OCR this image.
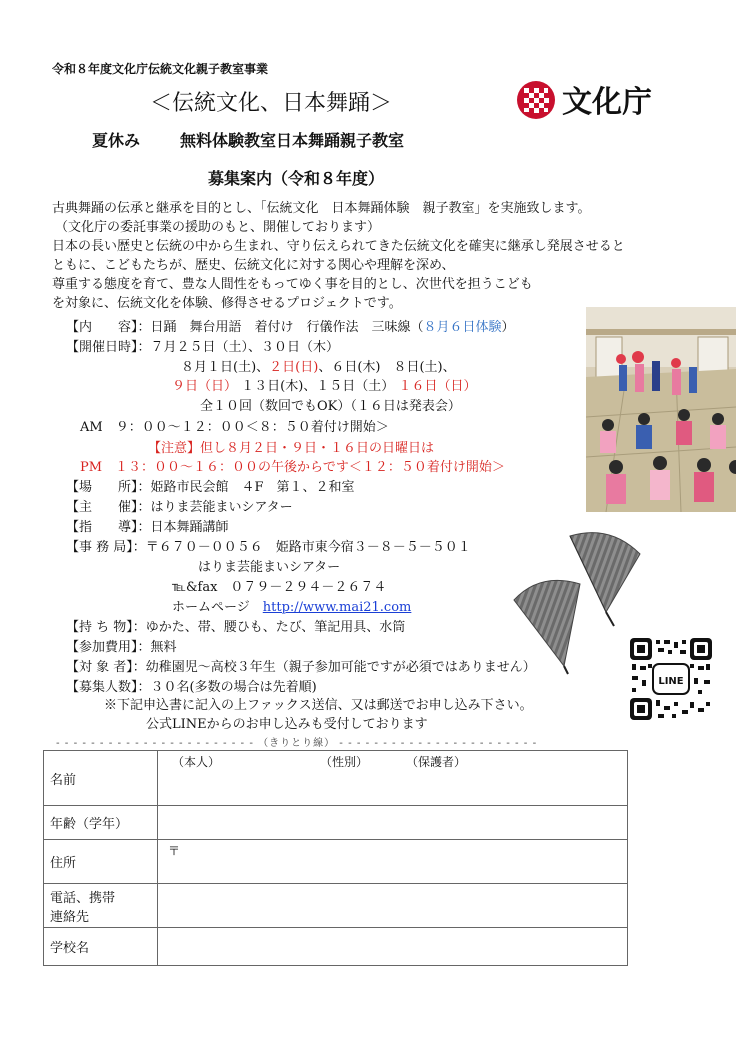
令和８年度文化庁伝統文化親子教室事業
＜伝統文化、日本舞踊＞
夏休み	無料体験教室日本舞踊親子教室
募集案内（令和８年度）
文化庁
古典舞踊の伝承と継承を目的とし、「伝統文化　日本舞踊体験　親子教室」を実施致します。
（文化庁の委託事業の援助のもと、開催しております）
日本の長い歴史と伝統の中から生まれ、守り伝えられてきた伝統文化を確実に継承し発展させると
ともに、こどもたちが、歴史、伝統文化に対する関心や理解を深め、
尊重する態度を育て、豊な人間性をもってゆく事を目的とし、次世代を担うこども
を対象に、伝統文化を体験、修得させるプロジェクトです。
【内　　容】：日踊　舞台用語　着付け　行儀作法　三味線（８月６日体験）
【開催日時】：７月２５日（土）、３０日（木）
８月１日(土)、２日(日)、６日(木)　８日(土)、
９日（日） １３日(木)、１５日（土） １６日（日）
全１０回（数回でもOK）（１６日は発表会）
AM　９：００～１２：００＜８：５０着付け開始＞
【注意】但し８月２日・９日・１６日の日曜日は
PM　１３：００～１６：００の午後からです＜１２：５０着付け開始＞
【場　　所】：姫路市民会館　４F　第１、２和室
【主　　催】：はりま芸能まいシアター
【指　　導】：日本舞踊講師
【事 務 局】：〒６７０－００５６　姫路市東今宿３－８－５－５０１
はりま芸能まいシアター
℡&fax　０７９－２９４－２６７４
ホームページ　http://www.mai21.com
【持 ち 物】：ゆかた、帯、腰ひも、たび、筆記用具、水筒
【参加費用】：無料
【対 象 者】：幼稚園児～高校３年生（親子参加可能ですが必須ではありません）
【募集人数】：３０名(多数の場合は先着順)
※下記申込書に記入の上ファックス送信、又は郵送でお申し込み下さい。
公式LINEからのお申し込みも受付しております
LINE
- - - - - - - - - - - - - - - - - - - - - - - （きりとり線） - - - - - - - - - - - - - - - - - - - - - - -
名前	（本人） （性別） （保護者）

年齢（学年）	
住所	〒

電話、携帯
連絡先	

学校名	
